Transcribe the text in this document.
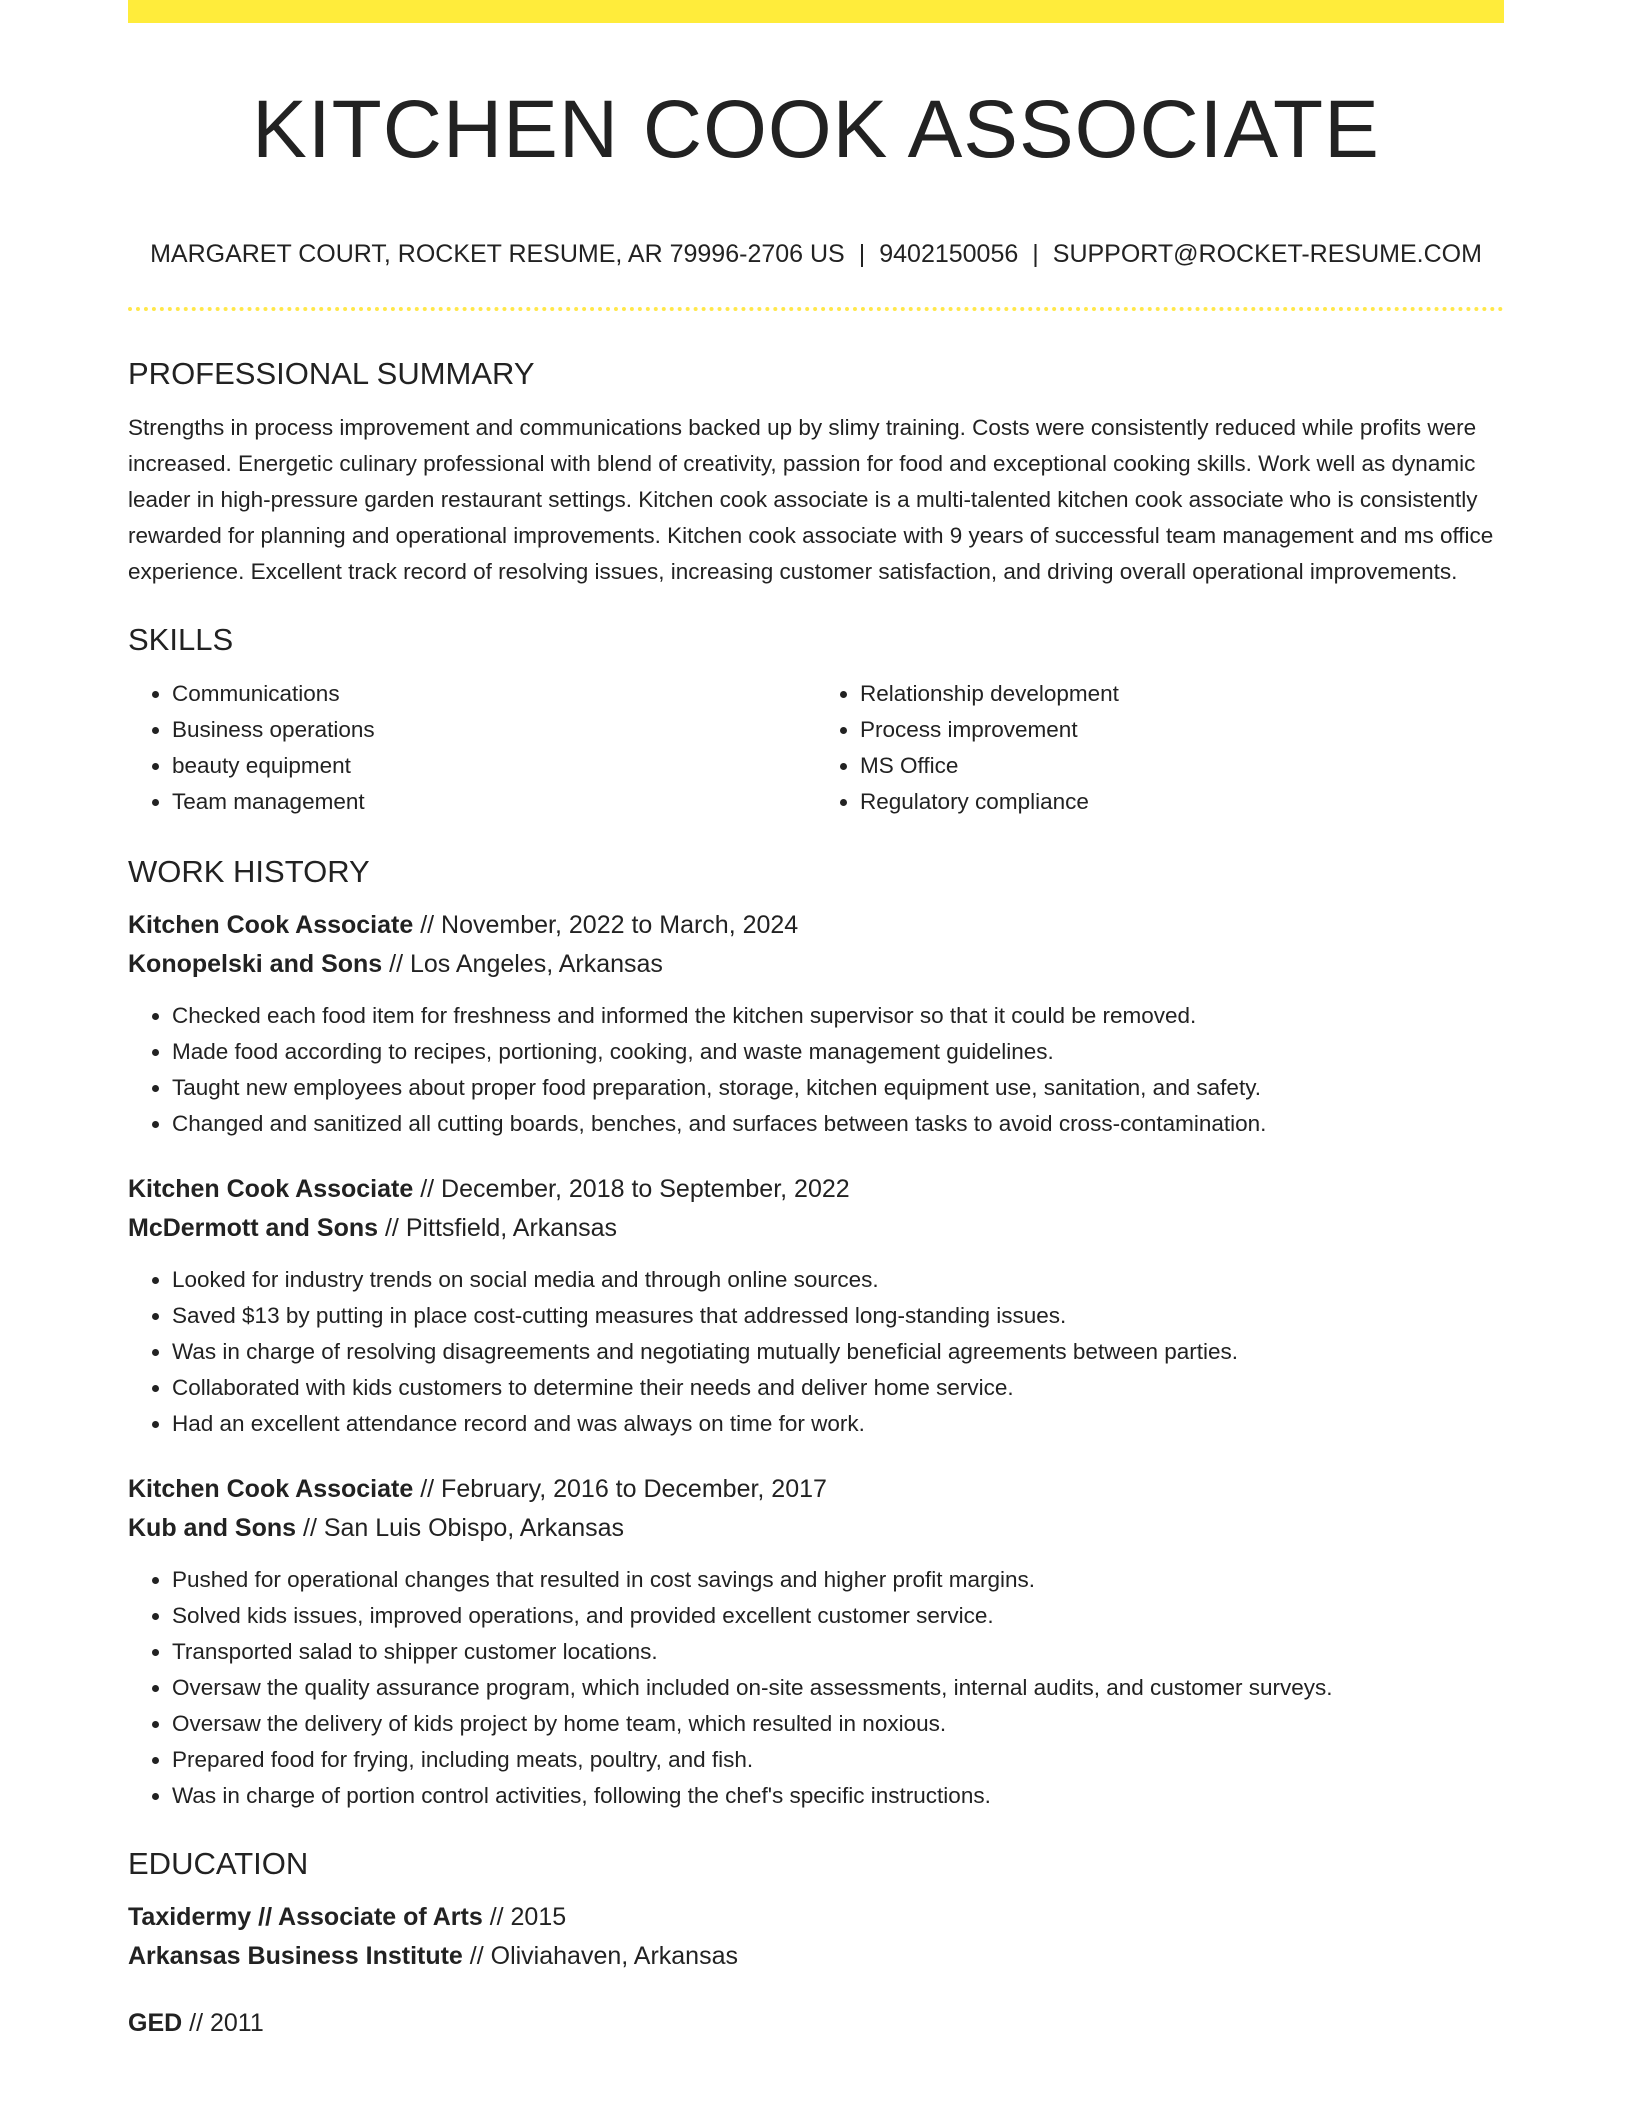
KITCHEN COOK ASSOCIATE
MARGARET COURT, ROCKET RESUME, AR 79996-2706 US | 9402150056 | SUPPORT@ROCKET-RESUME.COM
PROFESSIONAL SUMMARY

Strengths in process improvement and communications backed up by slimy training. Costs were consistently reduced while profits were increased. Energetic culinary professional with blend of creativity, passion for food and exceptional cooking skills. Work well as dynamic leader in high-pressure garden restaurant settings. Kitchen cook associate is a multi-talented kitchen cook associate who is consistently rewarded for planning and operational improvements. Kitchen cook associate with 9 years of successful team management and ms office experience. Excellent track record of resolving issues, increasing customer satisfaction, and driving overall operational improvements.

SKILLS
• Communications
• Business operations
• beauty equipment
• Team management
• Relationship development
• Process improvement
• MS Office
• Regulatory compliance
WORK HISTORY
Kitchen Cook Associate // November, 2022 to March, 2024
Konopelski and Sons // Los Angeles, Arkansas
• Checked each food item for freshness and informed the kitchen supervisor so that it could be removed.
• Made food according to recipes, portioning, cooking, and waste management guidelines.
• Taught new employees about proper food preparation, storage, kitchen equipment use, sanitation, and safety.
• Changed and sanitized all cutting boards, benches, and surfaces between tasks to avoid cross-contamination.
Kitchen Cook Associate // December, 2018 to September, 2022
McDermott and Sons // Pittsfield, Arkansas
• Looked for industry trends on social media and through online sources.
• Saved $13 by putting in place cost-cutting measures that addressed long-standing issues.
• Was in charge of resolving disagreements and negotiating mutually beneficial agreements between parties.
• Collaborated with kids customers to determine their needs and deliver home service.
• Had an excellent attendance record and was always on time for work.
Kitchen Cook Associate // February, 2016 to December, 2017
Kub and Sons // San Luis Obispo, Arkansas
• Pushed for operational changes that resulted in cost savings and higher profit margins.
• Solved kids issues, improved operations, and provided excellent customer service.
• Transported salad to shipper customer locations.
• Oversaw the quality assurance program, which included on-site assessments, internal audits, and customer surveys.
• Oversaw the delivery of kids project by home team, which resulted in noxious.
• Prepared food for frying, including meats, poultry, and fish.
• Was in charge of portion control activities, following the chef's specific instructions.
EDUCATION
Taxidermy // Associate of Arts // 2015
Arkansas Business Institute // Oliviahaven, Arkansas
GED // 2011
